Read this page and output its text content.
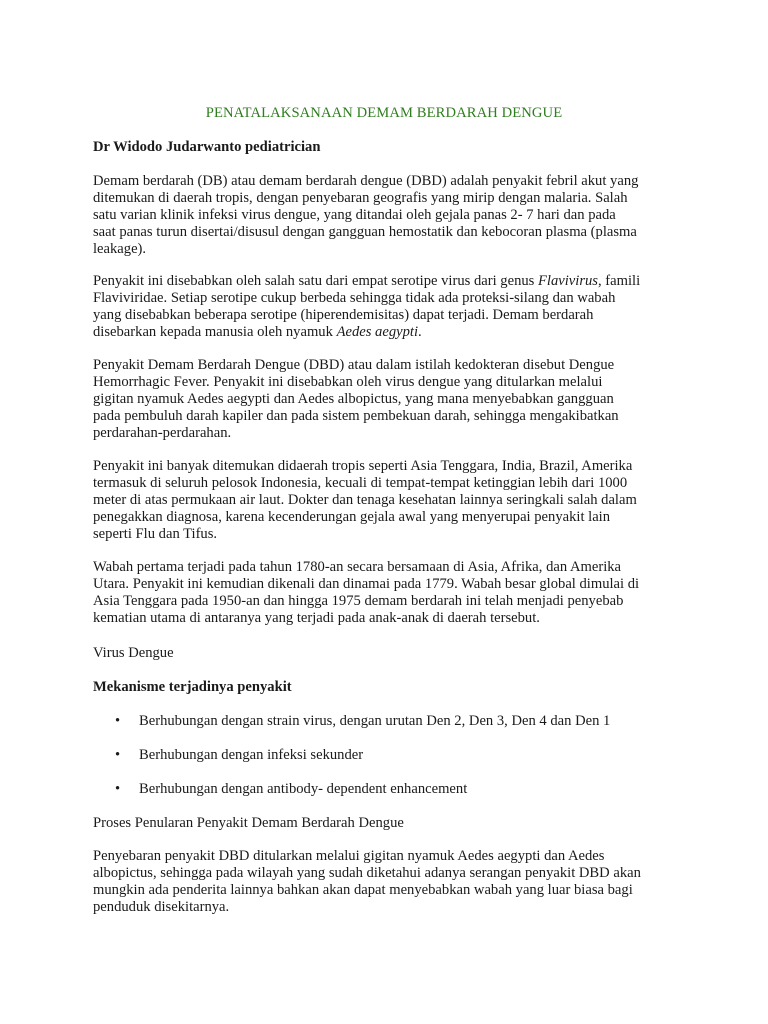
PENATALAKSANAAN DEMAM BERDARAH DENGUE

Dr Widodo Judarwanto pediatrician

Demam berdarah (DB) atau demam berdarah dengue (DBD) adalah penyakit febril akut yang
ditemukan di daerah tropis, dengan penyebaran geografis yang mirip dengan malaria. Salah
satu varian klinik infeksi virus dengue, yang ditandai oleh gejala panas 2- 7 hari dan pada
saat panas turun disertai/disusul dengan gangguan hemostatik dan kebocoran plasma (plasma
leakage).

Penyakit ini disebabkan oleh salah satu dari empat serotipe virus dari genus Flavivirus, famili
Flaviviridae. Setiap serotipe cukup berbeda sehingga tidak ada proteksi-silang dan wabah
yang disebabkan beberapa serotipe (hiperendemisitas) dapat terjadi. Demam berdarah
disebarkan kepada manusia oleh nyamuk Aedes aegypti.

Penyakit Demam Berdarah Dengue (DBD) atau dalam istilah kedokteran disebut Dengue
Hemorrhagic Fever. Penyakit ini disebabkan oleh virus dengue yang ditularkan melalui
gigitan nyamuk Aedes aegypti dan Aedes albopictus, yang mana menyebabkan gangguan
pada pembuluh darah kapiler dan pada sistem pembekuan darah, sehingga mengakibatkan
perdarahan-perdarahan.

Penyakit ini banyak ditemukan didaerah tropis seperti Asia Tenggara, India, Brazil, Amerika
termasuk di seluruh pelosok Indonesia, kecuali di tempat-tempat ketinggian lebih dari 1000
meter di atas permukaan air laut. Dokter dan tenaga kesehatan lainnya seringkali salah dalam
penegakkan diagnosa, karena kecenderungan gejala awal yang menyerupai penyakit lain
seperti Flu dan Tifus.

Wabah pertama terjadi pada tahun 1780-an secara bersamaan di Asia, Afrika, dan Amerika
Utara. Penyakit ini kemudian dikenali dan dinamai pada 1779. Wabah besar global dimulai di
Asia Tenggara pada 1950-an dan hingga 1975 demam berdarah ini telah menjadi penyebab
kematian utama di antaranya yang terjadi pada anak-anak di daerah tersebut.

Virus Dengue

Mekanisme terjadinya penyakit

• Berhubungan dengan strain virus, dengan urutan Den 2, Den 3, Den 4 dan Den 1

• Berhubungan dengan infeksi sekunder

• Berhubungan dengan antibody- dependent enhancement

Proses Penularan Penyakit Demam Berdarah Dengue

Penyebaran penyakit DBD ditularkan melalui gigitan nyamuk Aedes aegypti dan Aedes
albopictus, sehingga pada wilayah yang sudah diketahui adanya serangan penyakit DBD akan
mungkin ada penderita lainnya bahkan akan dapat menyebabkan wabah yang luar biasa bagi
penduduk disekitarnya.
